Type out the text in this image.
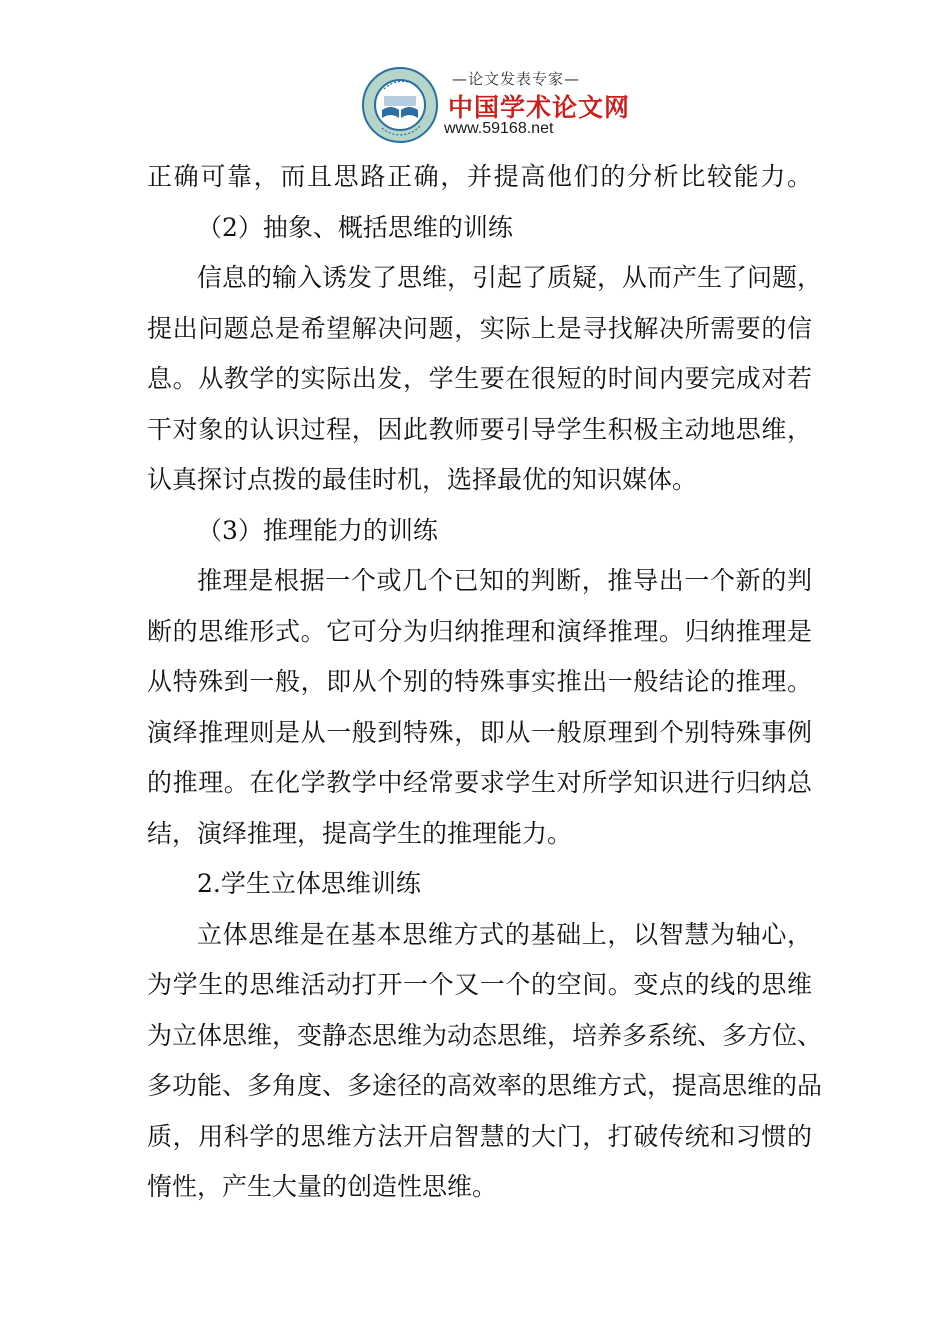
—论文发表专家—
中国学术论文网
www.59168.net
正确可靠，而且思路正确，并提高他们的分析比较能力。
（2）抽象、概括思维的训练
信息的输入诱发了思维，引起了质疑，从而产生了问题，
提出问题总是希望解决问题，实际上是寻找解决所需要的信
息。从教学的实际出发，学生要在很短的时间内要完成对若
干对象的认识过程，因此教师要引导学生积极主动地思维，
认真探讨点拨的最佳时机，选择最优的知识媒体。
（3）推理能力的训练
推理是根据一个或几个已知的判断，推导出一个新的判
断的思维形式。它可分为归纳推理和演绎推理。归纳推理是
从特殊到一般，即从个别的特殊事实推出一般结论的推理。
演绎推理则是从一般到特殊，即从一般原理到个别特殊事例
的推理。在化学教学中经常要求学生对所学知识进行归纳总
结，演绎推理，提高学生的推理能力。
2.学生立体思维训练
立体思维是在基本思维方式的基础上，以智慧为轴心，
为学生的思维活动打开一个又一个的空间。变点的线的思维
为立体思维，变静态思维为动态思维，培养多系统、多方位、
多功能、多角度、多途径的高效率的思维方式，提高思维的品
质，用科学的思维方法开启智慧的大门，打破传统和习惯的
惰性，产生大量的创造性思维。
